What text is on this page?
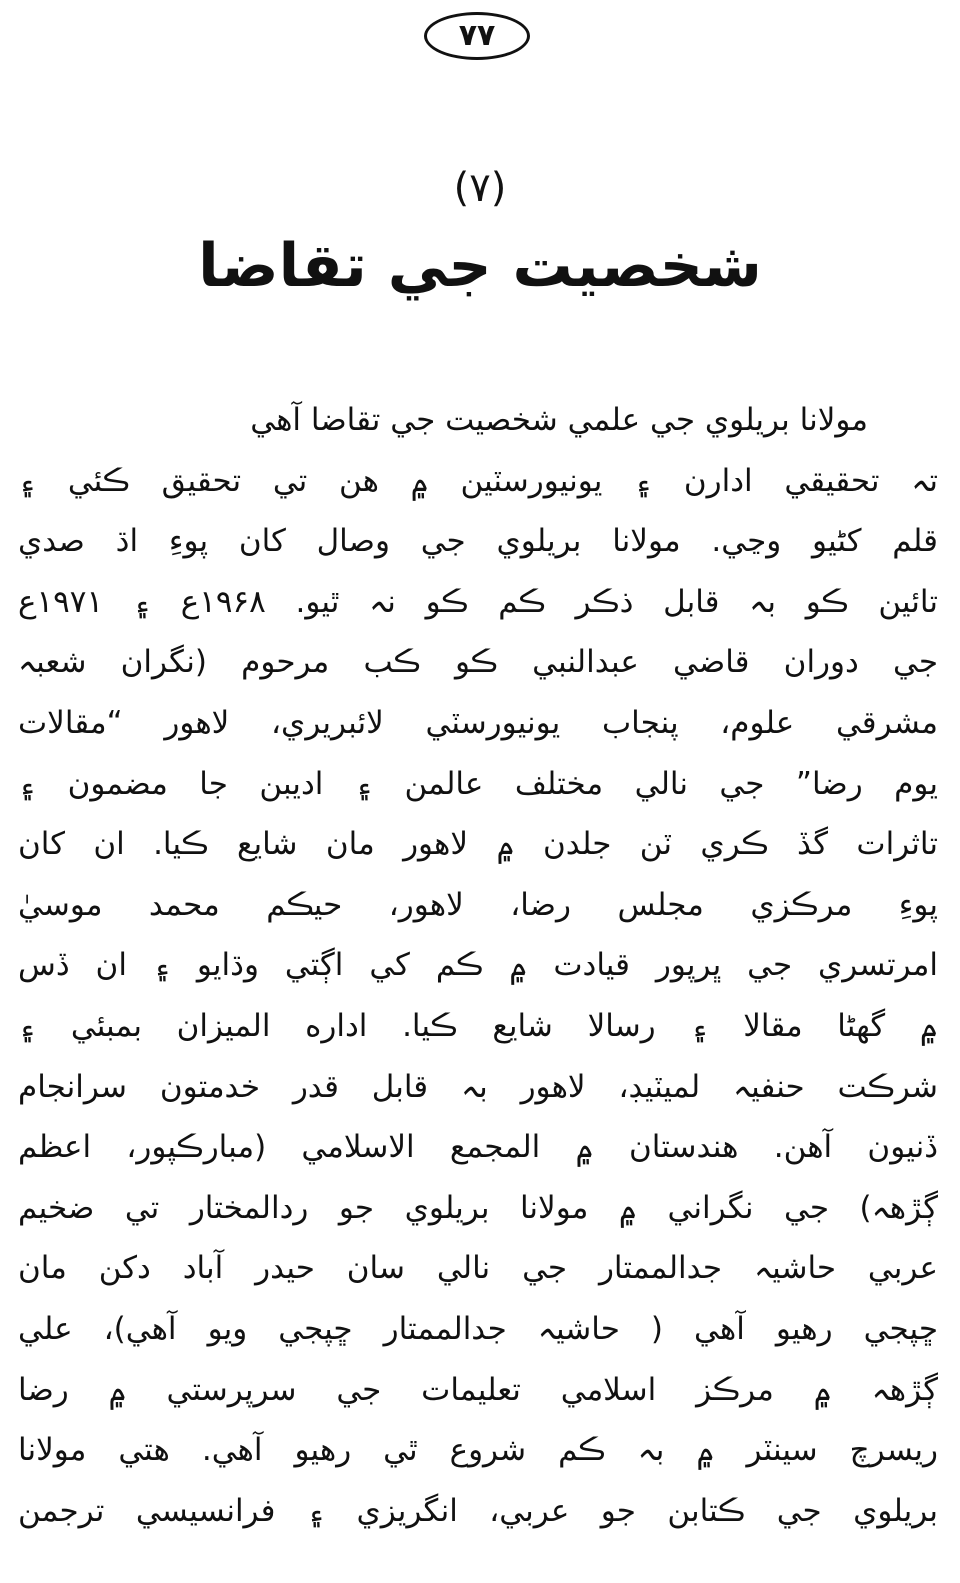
۷۷
(۷)
شخصيت جي تقاضا
مولانا بريلوي جي علمي شخصيت جي تقاضا آهي
تہ تحقيقي ادارن ۽ يونيورسٽين ۾ هن تي تحقيق ڪئي ۽
قلم کڻيو وڃي. مولانا بريلوي جي وصال کان پوءِ اڌ صدي
تائين ڪو بہ قابل ذڪر ڪم ڪو نہ ٿيو. ۱۹۶۸ع ۽ ۱۹۷۱ع
جي دوران قاضي عبدالنبي ڪو ڪب مرحوم (نگران شعبہ
مشرقي علوم، پنجاب يونيورسٽي لائبريري، لاهور “مقالات
يوم رضا” جي نالي مختلف عالمن ۽ اديبن جا مضمون ۽
تاثرات گڏ ڪري ٽن جلدن ۾ لاهور مان شايع ڪيا. ان کان
پوءِ مرڪزي مجلس رضا، لاهور، حيڪم محمد موسيٰ
امرتسري جي ڀرپور قيادت ۾ ڪم کي اڳتي وڌايو ۽ ان ڏس
۾ گهڻا مقالا ۽ رسالا شايع ڪيا. اداره الميزان بمبئي ۽
شرڪت حنفيہ لميٽيڊ، لاهور بہ قابل قدر خدمتون سرانجام
ڏنيون آهن. هندستان ۾ المجمع الاسلامي (مبارڪپور، اعظم
ڳڙهہ) جي نگراني ۾ مولانا بريلوي جو ردالمختار تي ضخيم
عربي حاشيہ جدالممتار جي نالي سان حيدر آباد دکن مان
ڇپجي رهيو آهي ( حاشيہ جدالممتار ڇپجي ويو آهي)، علي
ڳڙهہ ۾ مرڪز اسلامي تعليمات جي سرپرستي ۾ رضا
ريسرچ سينٽر ۾ بہ ڪم شروع ٿي رهيو آهي. هتي مولانا
بريلوي جي ڪتابن جو عربي، انگريزي ۽ فرانسيسي ترجمن
